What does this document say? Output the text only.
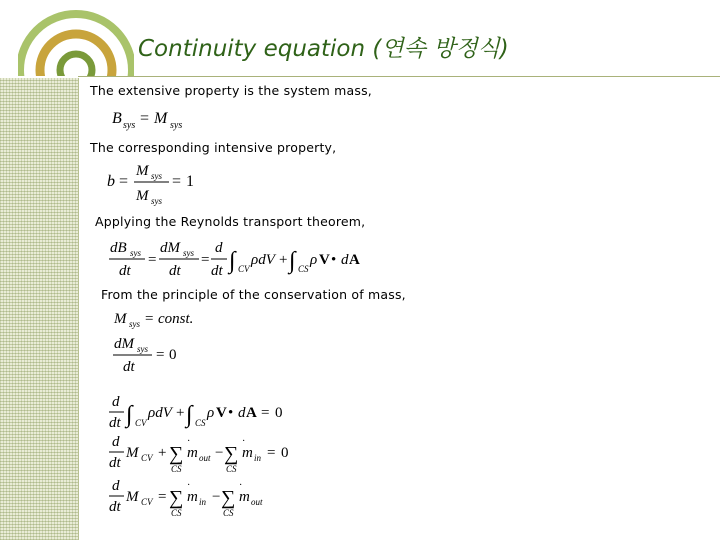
Continuity equation (연속 방정식)
The extensive property is the system mass,
The corresponding intensive property,
Applying the Reynolds transport theorem,
From the principle of the conservation of mass,
B sys = M sys
b =
M sys
M sys
= 1
dB sys
dt
=
dM sys
dt
=
d
dt ∫ CV
ρdV + ∫ CS
ρ V • d A
M sys = const.
dM sys
dt
= 0
d
dt ∫ CV
ρdV + ∫ CS
ρ V • d A = 0
d
dt
M CV + ∑
CS
m
·
out − ∑
CS
m
·
in = 0
d
dt
M CV = ∑
CS
m
·
in − ∑
CS
m
·
out
